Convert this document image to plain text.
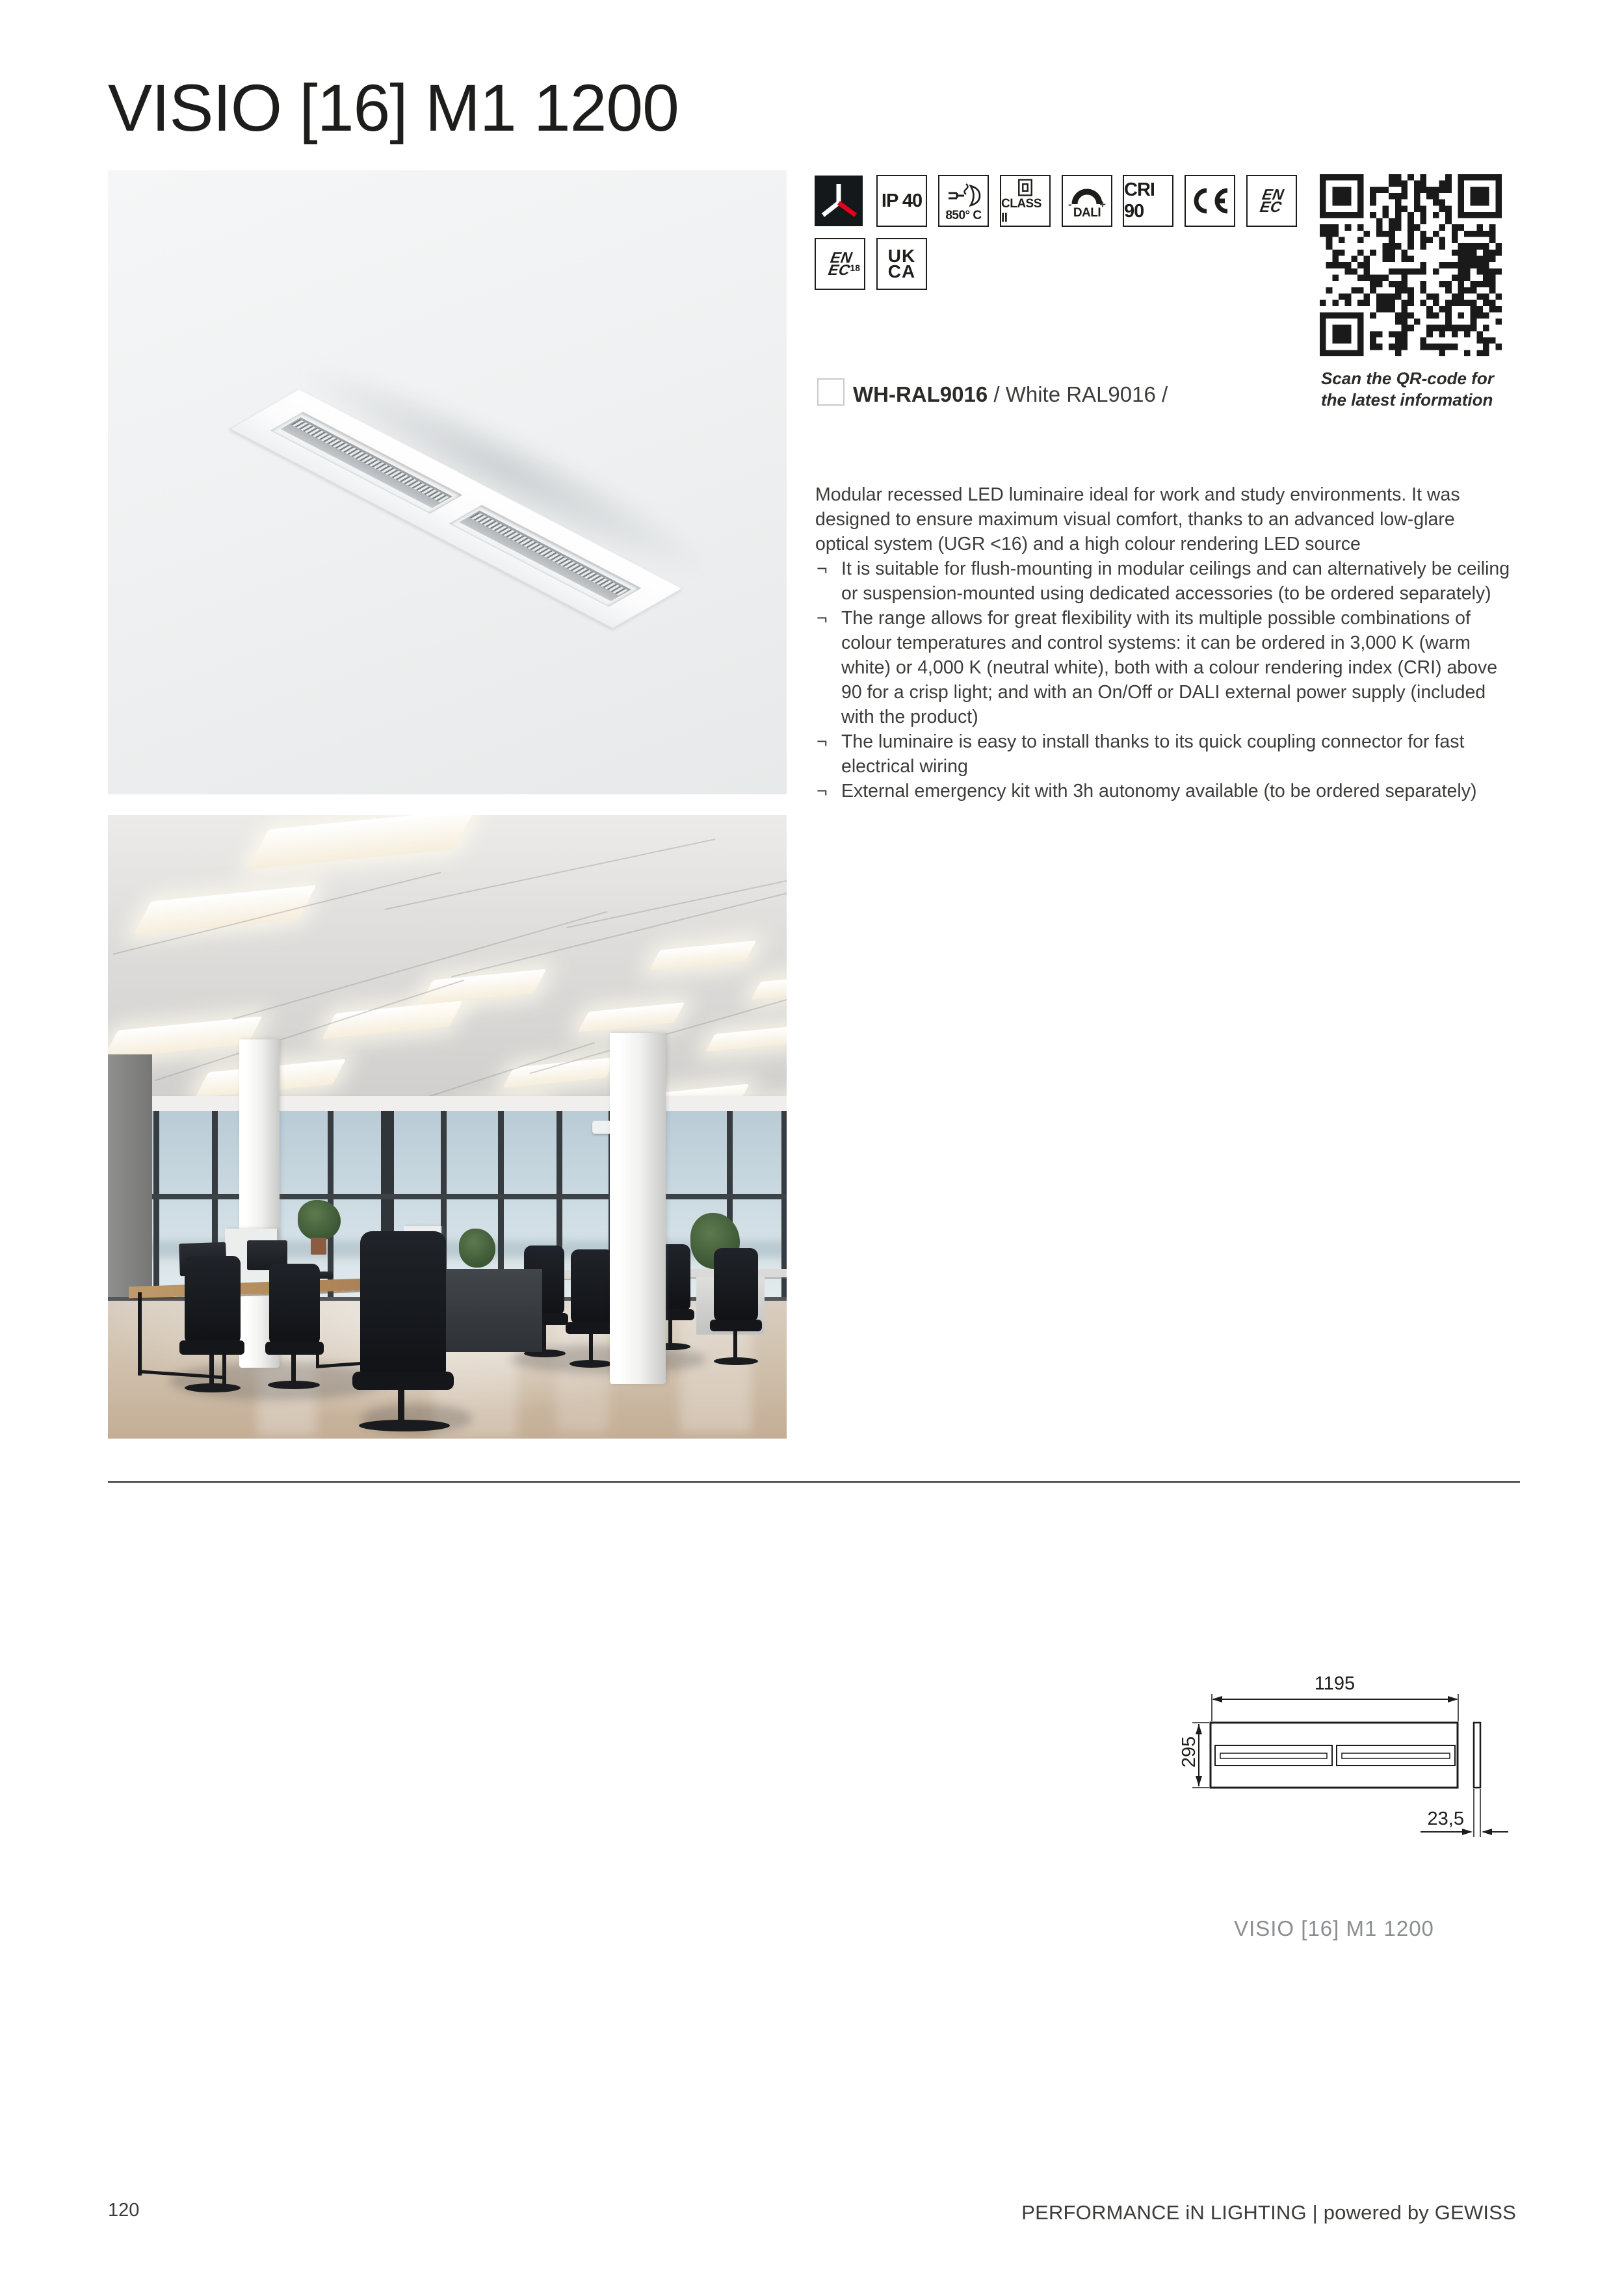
VISIO [16] M1 1200
IP 40
850° C
CLASS II
- +
DALI
CRI 90
EN
EC
EN
EC
18
UK
CA
Scan the QR-code for the latest information
WH-RAL9016 / White RAL9016 /
Modular recessed LED luminaire ideal for work and study environments. It was designed to ensure maximum visual comfort, thanks to an advanced low-glare optical system (UGR <16) and a high colour rendering LED source
¬ It is suitable for flush-mounting in modular ceilings and can alternatively be ceiling or suspension-mounted using dedicated accessories (to be ordered separately)
¬ The range allows for great flexibility with its multiple possible combinations of colour temperatures and control systems: it can be ordered in 3,000 K (warm white) or 4,000 K (neutral white), both with a colour rendering index (CRI) above 90 for a crisp light; and with an On/Off or DALI external power supply (included with the product)
¬ The luminaire is easy to install thanks to its quick coupling connector for fast electrical wiring
¬ External emergency kit with 3h autonomy available (to be ordered separately)
1195
295
23,5
VISIO [16] M1 1200
120	PERFORMANCE iN LIGHTING | powered by GEWISS
